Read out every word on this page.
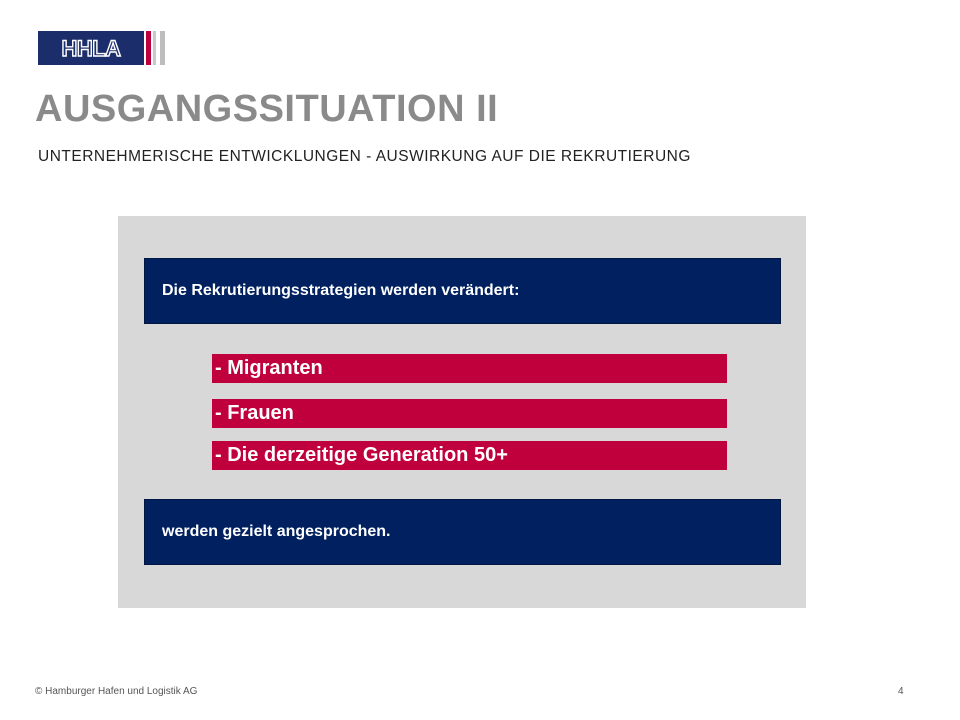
HHLA
AUSGANGSSITUATION II
UNTERNEHMERISCHE ENTWICKLUNGEN - AUSWIRKUNG AUF DIE REKRUTIERUNG
Die Rekrutierungsstrategien werden verändert:
- Migranten
- Frauen
- Die derzeitige Generation 50+
werden gezielt angesprochen.
© Hamburger Hafen und Logistik AG	4
